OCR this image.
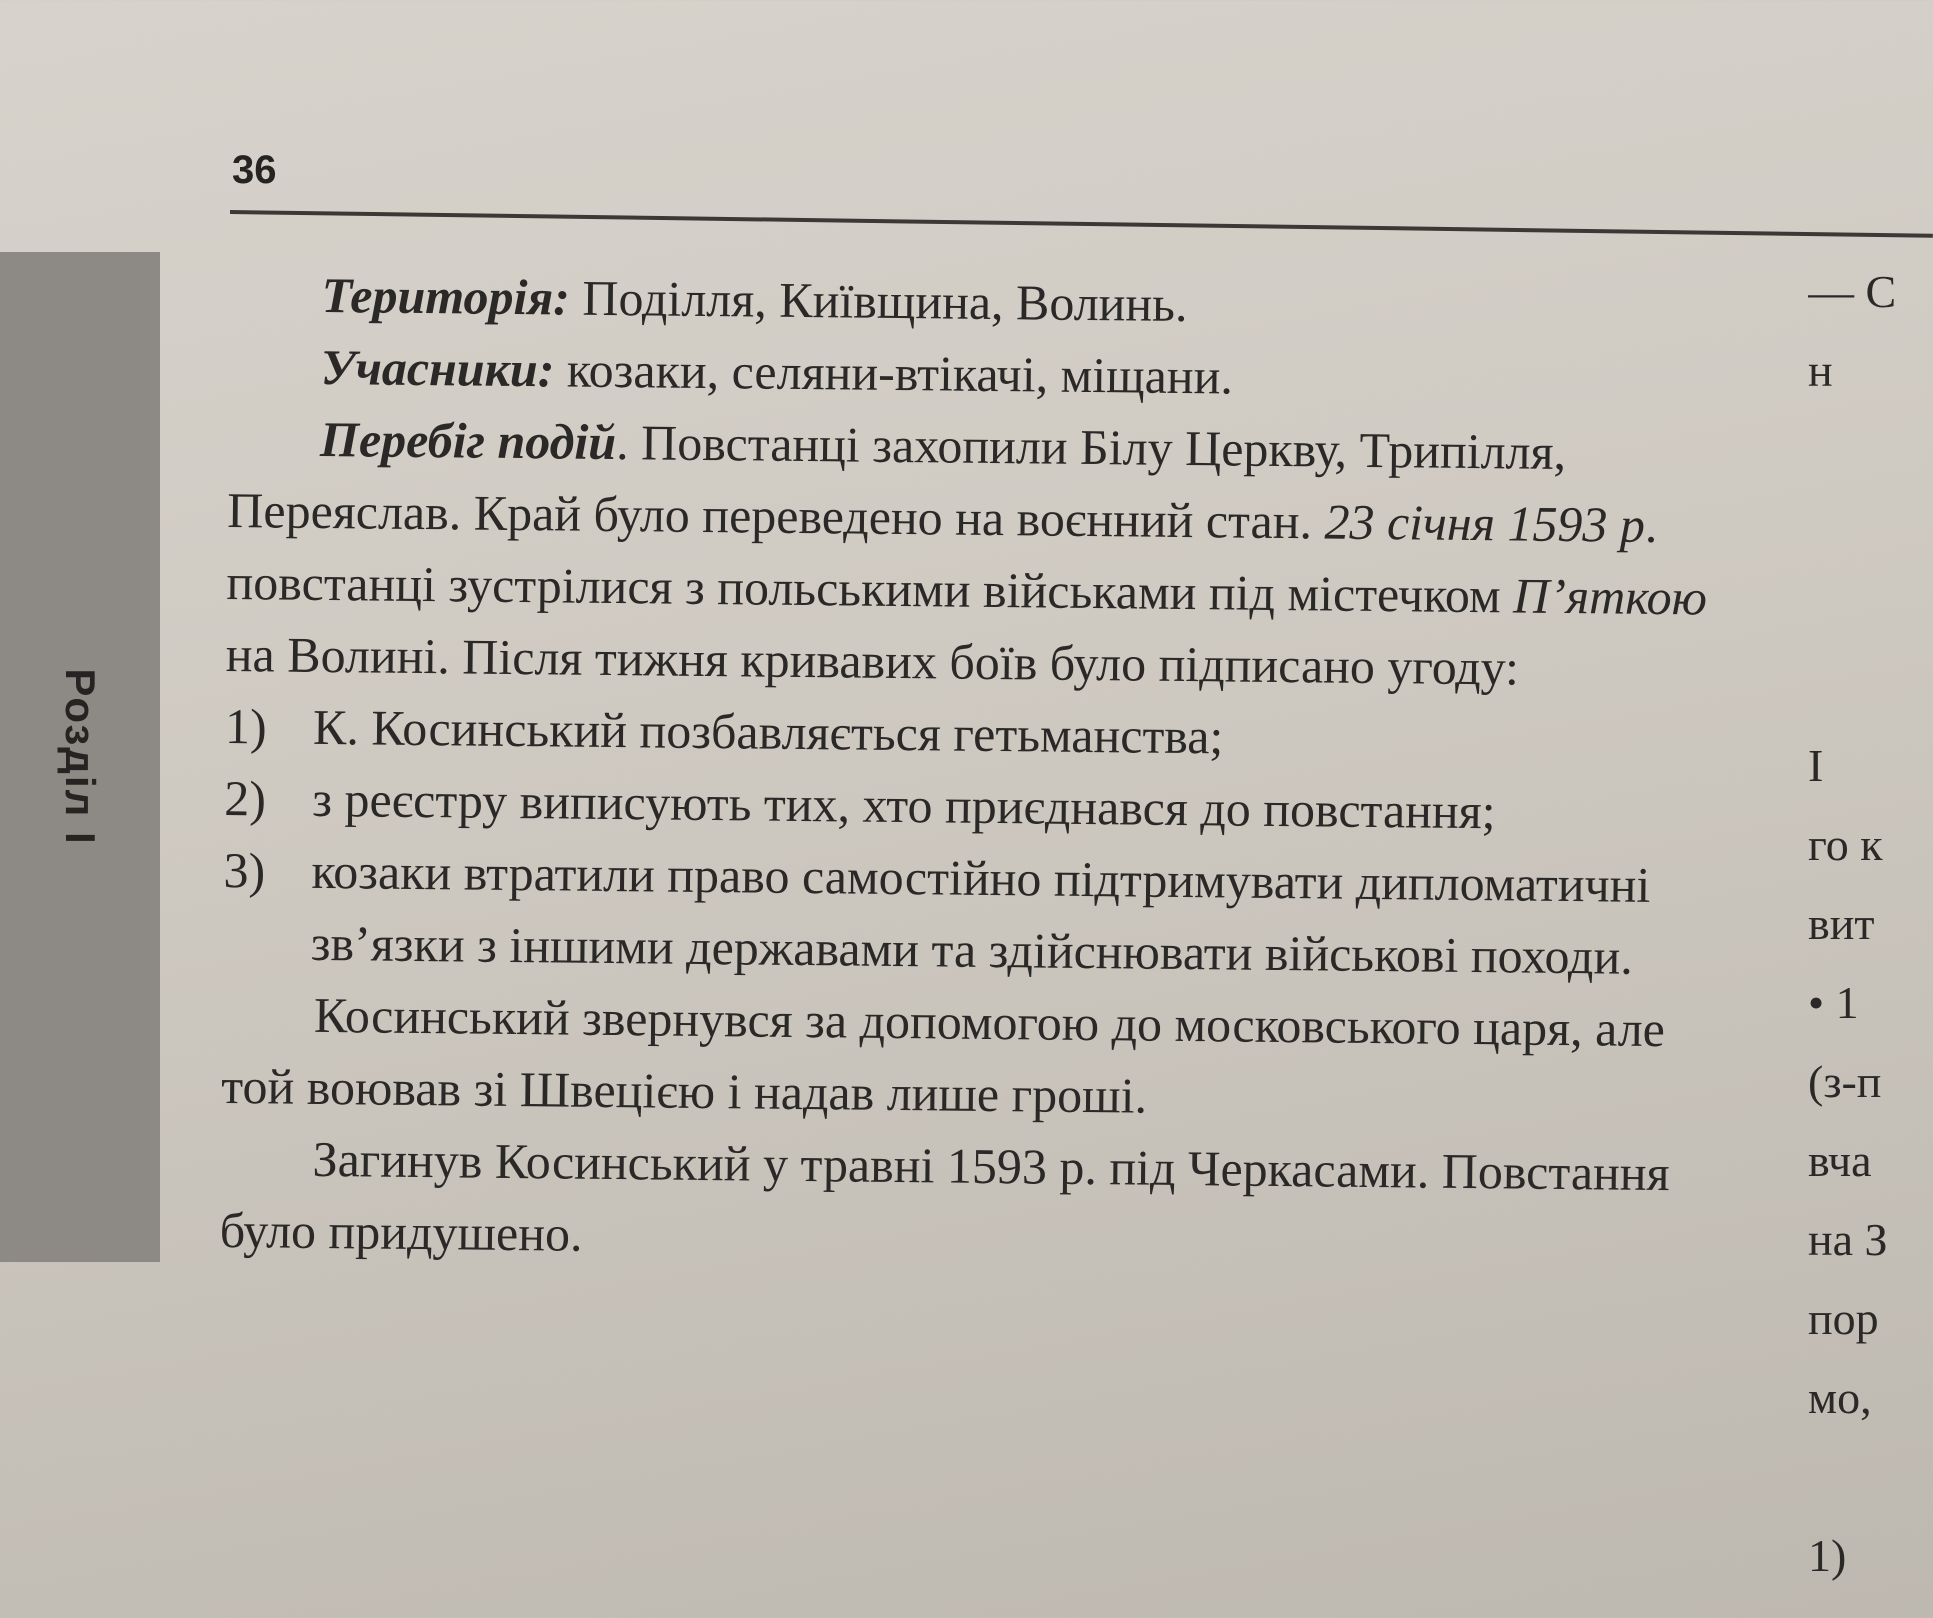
36
Розділ I

Територія: Поділля, Київщина, Волинь.

Учасники: козаки, селяни-втікачі, міщани.

Перебіг подій. Повстанці захопили Білу Церкву, Трипілля, Переяслав. Край було переведено на воєнний стан. 23 січня 1593 р. повстанці зустрілися з польськими військами під містечком П’яткою на Волині. Після тижня кривавих боїв було підписано угоду:

1) К. Косинський позбавляється гетьманства;
2) з реєстру виписують тих, хто приєднався до повстання;
3) козаки втратили право самостійно підтримувати дипломатичні зв’язки з іншими державами та здійснювати військові походи.

Косинський звернувся за допомогою до московського царя, але той воював зі Швецією і надав лише гроші.

Загинув Косинський у травні 1593 р. під Черкасами. Повстання було придушено.

— С
н
І
го к
вит
• 1
(з-п
вча
на З
пор
мо,
1)
